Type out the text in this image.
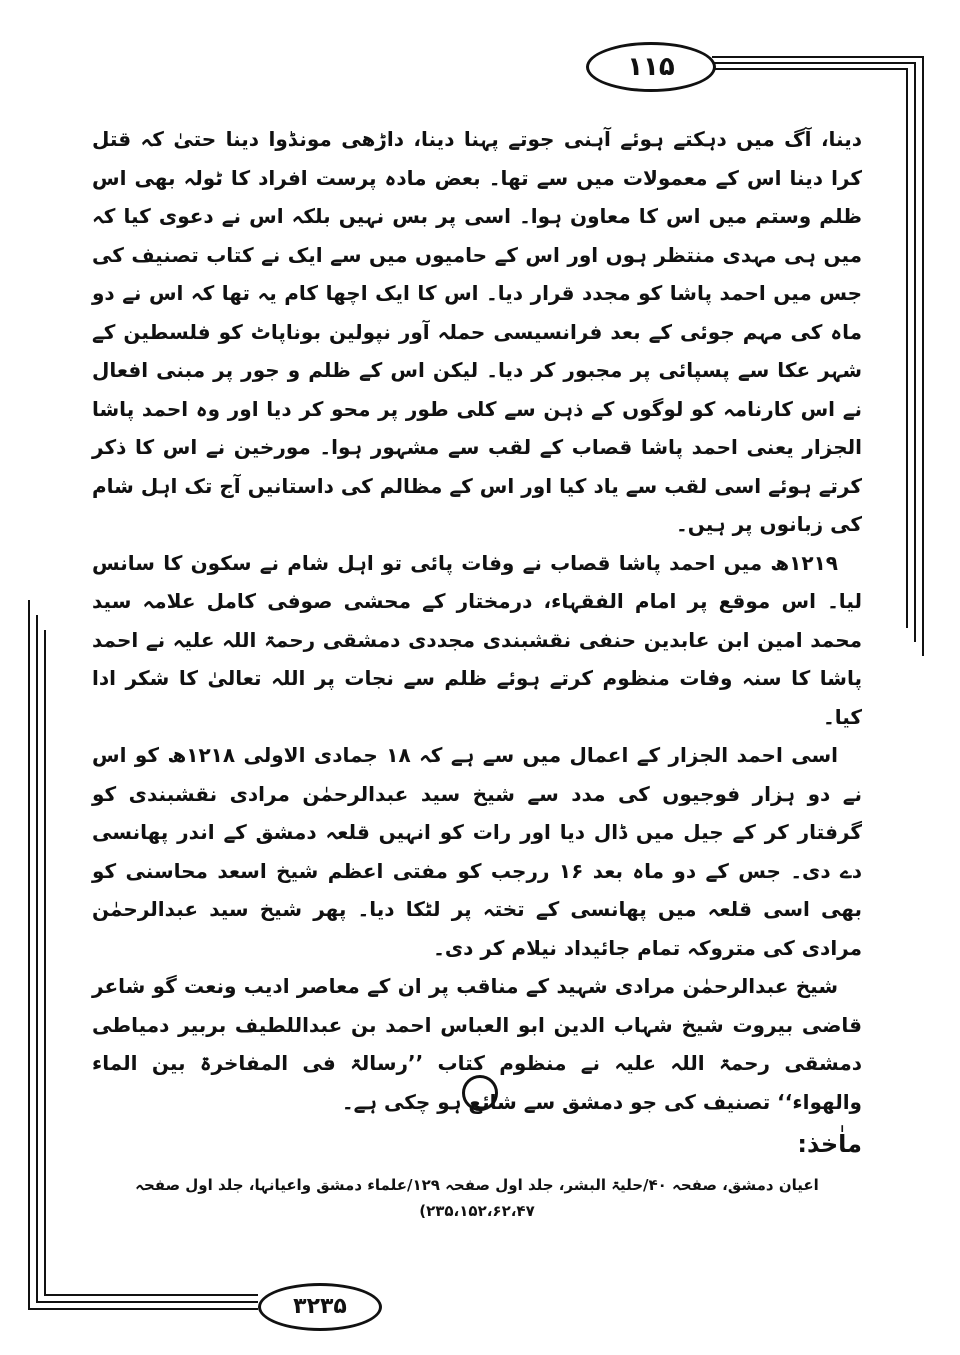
۱۱۵

دینا، آگ میں دہکتے ہوئے آہنی جوتے پہنا دینا، داڑھی مونڈوا دینا حتیٰ کہ قتل کرا دینا اس کے معمولات میں سے تھا۔ بعض مادہ پرست افراد کا ٹولہ بھی اس ظلم وستم میں اس کا معاون ہوا۔ اسی پر بس نہیں بلکہ اس نے دعوی کیا کہ میں ہی مہدی منتظر ہوں اور اس کے حامیوں میں سے ایک نے کتاب تصنیف کی جس میں احمد پاشا کو مجدد قرار دیا۔ اس کا ایک اچھا کام یہ تھا کہ اس نے دو ماہ کی مہم جوئی کے بعد فرانسیسی حملہ آور نپولین بوناپاٹ کو فلسطین کے شہر عکا سے پسپائی پر مجبور کر دیا۔ لیکن اس کے ظلم و جور پر مبنی افعال نے اس کارنامہ کو لوگوں کے ذہن سے کلی طور پر محو کر دیا اور وہ احمد پاشا الجزار یعنی احمد پاشا قصاب کے لقب سے مشہور ہوا۔ مورخین نے اس کا ذکر کرتے ہوئے اسی لقب سے یاد کیا اور اس کے مظالم کی داستانیں آج تک اہل شام کی زبانوں پر ہیں۔

۱۲۱۹ھ میں احمد پاشا قصاب نے وفات پائی تو اہل شام نے سکون کا سانس لیا۔ اس موقع پر امام الفقہاء، درمختار کے محشی صوفی کامل علامہ سید محمد امین ابن عابدین حنفی نقشبندی مجددی دمشقی رحمۃ اللہ علیہ نے احمد پاشا کا سنہ وفات منظوم کرتے ہوئے ظلم سے نجات پر اللہ تعالیٰ کا شکر ادا کیا۔

اسی احمد الجزار کے اعمال میں سے ہے کہ ۱۸ جمادی الاولی ۱۲۱۸ھ کو اس نے دو ہزار فوجیوں کی مدد سے شیخ سید عبدالرحمٰن مرادی نقشبندی کو گرفتار کر کے جیل میں ڈال دیا اور رات کو انہیں قلعہ دمشق کے اندر پھانسی دے دی۔ جس کے دو ماہ بعد ۱۶ ررجب کو مفتی اعظم شیخ اسعد محاسنی کو بھی اسی قلعہ میں پھانسی کے تختہ پر لٹکا دیا۔ پھر شیخ سید عبدالرحمٰن مرادی کی متروکہ تمام جائیداد نیلام کر دی۔

شیخ عبدالرحمٰن مرادی شہید کے مناقب پر ان کے معاصر ادیب ونعت گو شاعر قاضی بیروت شیخ شہاب الدین ابو العباس احمد بن عبداللطیف بربیر دمیاطی دمشقی رحمۃ اللہ علیہ نے منظوم کتاب ’’رسالۃ فی المفاخرۃ بین الماء والھواء‘‘ تصنیف کی جو دمشق سے شائع ہو چکی ہے۔

ماٰخذ:

اعیان دمشق، صفحہ ۴۰/حلیۃ البشر، جلد اول صفحہ ۱۲۹/علماء دمشق واعیانہا، جلد اول صفحہ ۲۳۵،۱۵۲،۶۲،۴۷)

۳۲۳۵
